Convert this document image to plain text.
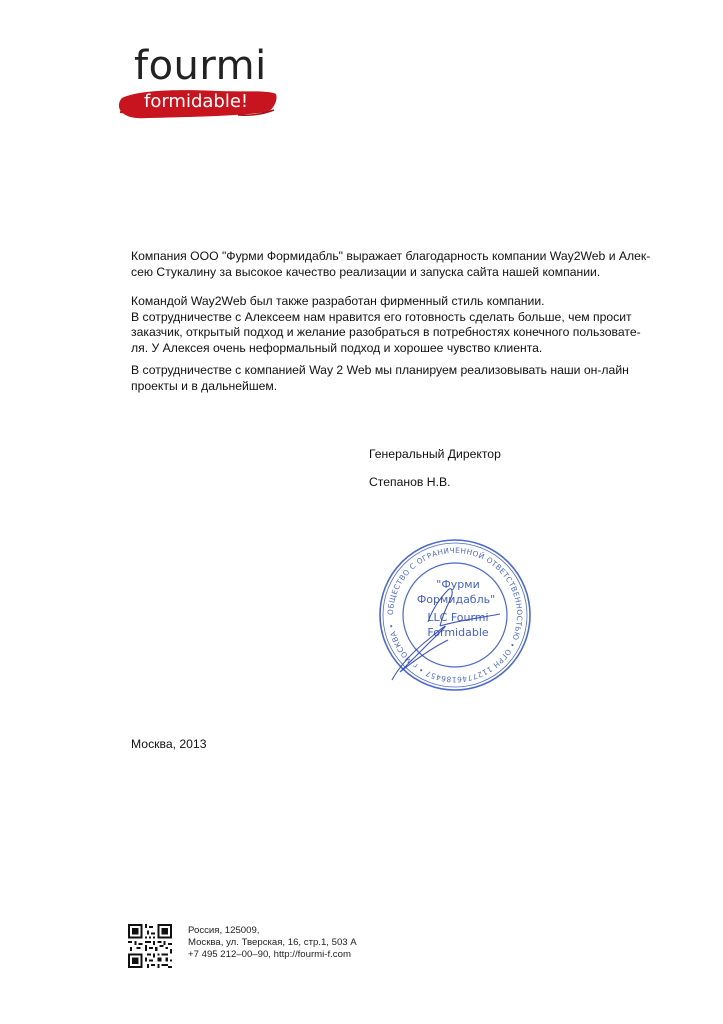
fourmi
formidable!
Компания ООО "Фурми Формидабль" выражает благодарность компании Way2Web и Алек-
сею Стукалину за высокое качество реализации и запуска сайта нашей компании.
Командой Way2Web был также разработан фирменный стиль компании.
В сотрудничестве с Алексеем нам нравится его готовность сделать больше, чем просит
заказчик, открытый подход и желание разобраться в потребностях конечного пользовате-
ля. У Алексея очень неформальный подход и хорошее чувство клиента.
В сотрудничестве с компанией Way 2 Web мы планируем реализовывать наши он-лайн
проекты и в дальнейшем.
Генеральный Директор
Степанов Н.В.
ОБЩЕСТВО С ОГРАНИЧЕННОЙ ОТВЕТСТВЕННОСТЬЮ • ОГРН 1127746186457 • г.МОСКВА •
"Фурми
Формидабль"
LLC Fourmi
Formidable
Москва, 2013
Россия, 125009,
Москва, ул. Тверская, 16, стр.1, 503 А
+7 495 212–00–90, http://fourmi-f.com
